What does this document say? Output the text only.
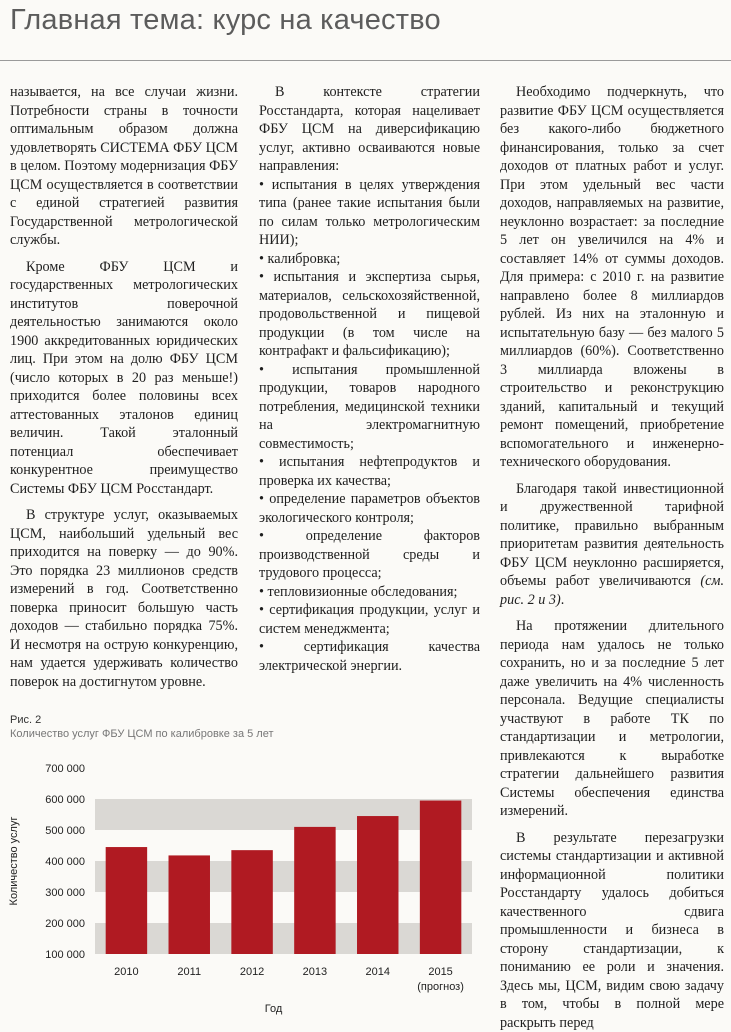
Главная тема: курс на качество

называется, на все случаи жизни. Потребности страны в точности оптимальным образом должна удовлетворять СИСТЕМА ФБУ ЦСМ в целом. Поэтому модернизация ФБУ ЦСМ осуществляется в соответствии с единой стратегией развития Государственной метрологической службы.

Кроме ФБУ ЦСМ и государственных метрологических институтов поверочной деятельностью занимаются около 1900 аккредитованных юридических лиц. При этом на долю ФБУ ЦСМ (число которых в 20 раз меньше!) приходится более половины всех аттестованных эталонов единиц величин. Такой эталонный потенциал обеспечивает конкурентное преимущество Системы ФБУ ЦСМ Росстандарт.

В структуре услуг, оказываемых ЦСМ, наибольший удельный вес приходится на поверку — до 90%. Это порядка 23 миллионов средств измерений в год. Соответственно поверка приносит большую часть доходов — стабильно порядка 75%. И несмотря на острую конкуренцию, нам удается удерживать количество поверок на достигнутом уровне.

В контексте стратегии Росстандарта, которая нацеливает ФБУ ЦСМ на диверсификацию услуг, активно осваиваются новые направления:

• испытания в целях утверждения типа (ранее такие испытания были по силам только метрологическим НИИ);

• калибровка;

• испытания и экспертиза сырья, материалов, сельскохозяйственной, продовольственной и пищевой продукции (в том числе на контрафакт и фальсификацию);

• испытания промышленной продукции, товаров народного потребления, медицинской техники на электромагнитную совместимость;

• испытания нефтепродуктов и проверка их качества;

• определение параметров объектов экологического контроля;

• определение факторов производственной среды и трудового процесса;

• тепловизионные обследования;

• сертификация продукции, услуг и систем менеджмента;

• сертификация качества электрической энергии.

Необходимо подчеркнуть, что развитие ФБУ ЦСМ осуществляется без какого-либо бюджетного финансирования, только за счет доходов от платных работ и услуг. При этом удельный вес части доходов, направляемых на развитие, неуклонно возрастает: за последние 5 лет он увеличился на 4% и составляет 14% от суммы доходов. Для примера: с 2010 г. на развитие направлено более 8 миллиардов рублей. Из них на эталонную и испытательную базу — без малого 5 миллиардов (60%). Соответственно 3 миллиарда вложены в строительство и реконструкцию зданий, капитальный и текущий ремонт помещений, приобретение вспомогательного и инженерно-технического оборудования.

Благодаря такой инвестиционной и дружественной тарифной политике, правильно выбранным приоритетам развития деятельность ФБУ ЦСМ неуклонно расширяется, объемы работ увеличиваются (см. рис. 2 и 3).

На протяжении длительного периода нам удалось не только сохранить, но и за последние 5 лет даже увеличить на 4% численность персонала. Ведущие специалисты участвуют в работе ТК по стандартизации и метрологии, привлекаются к выработке стратегии дальнейшего развития Системы обеспечения единства измерений.

В результате перезагрузки системы стандартизации и активной информационной политики Росстандарту удалось добиться качественного сдвига промышленности и бизнеса в сторону стандартизации, к пониманию ее роли и значения. Здесь мы, ЦСМ, видим свою задачу в том, чтобы в полной мере раскрыть перед

Рис. 2
Количество услуг ФБУ ЦСМ по калибровке за 5 лет
100 000
200 000
300 000
400 000
500 000
600 000
700 000
Количество услуг
2010	2011	2012	2013	2014	2015
(прогноз)
Год
